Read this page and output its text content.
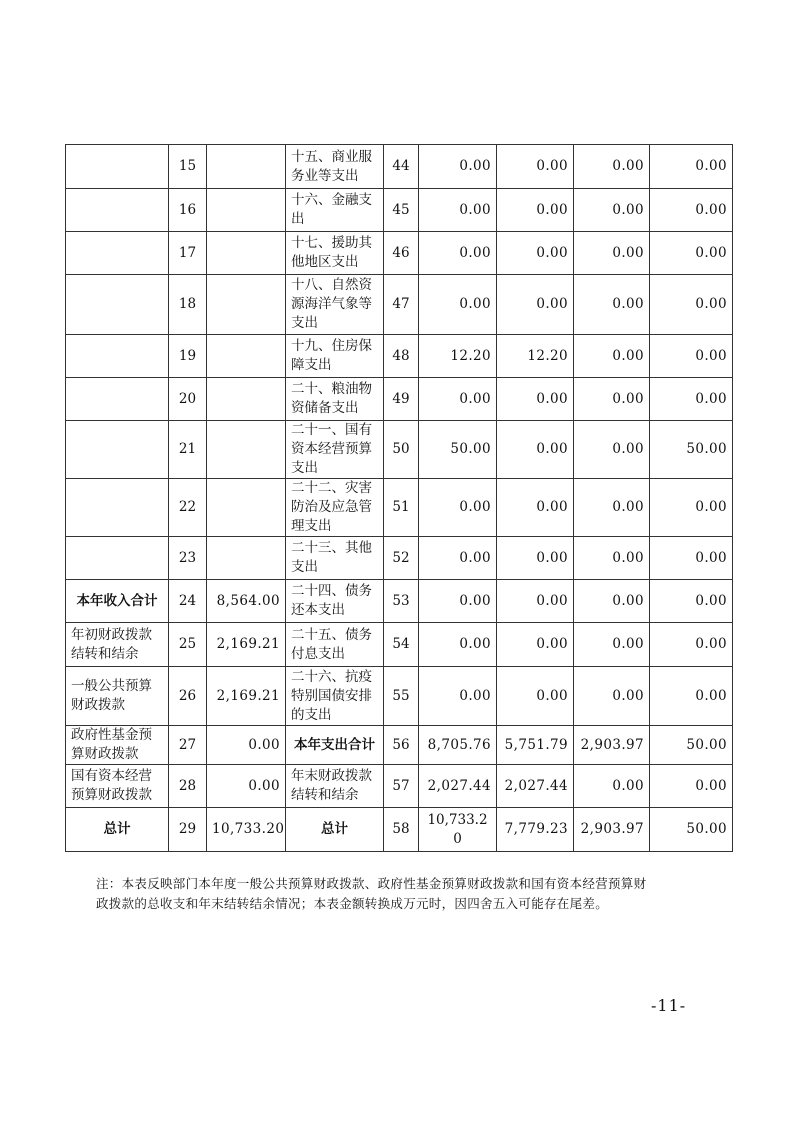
	15		十五、商业服务业等支出	44	0.00	0.00	0.00	0.00
	16		十六、金融支出	45	0.00	0.00	0.00	0.00
	17		十七、援助其他地区支出	46	0.00	0.00	0.00	0.00
	18		十八、自然资源海洋气象等支出	47	0.00	0.00	0.00	0.00
	19		十九、住房保障支出	48	12.20	12.20	0.00	0.00
	20		二十、粮油物资储备支出	49	0.00	0.00	0.00	0.00
	21		二十一、国有资本经营预算支出	50	50.00	0.00	0.00	50.00
	22		二十二、灾害防治及应急管理支出	51	0.00	0.00	0.00	0.00
	23		二十三、其他支出	52	0.00	0.00	0.00	0.00
本年收入合计	24	8,564.00	二十四、债务还本支出	53	0.00	0.00	0.00	0.00
年初财政拨款结转和结余	25	2,169.21	二十五、债务付息支出	54	0.00	0.00	0.00	0.00
一般公共预算财政拨款	26	2,169.21	二十六、抗疫特别国债安排的支出	55	0.00	0.00	0.00	0.00
政府性基金预算财政拨款	27	0.00	本年支出合计	56	8,705.76	5,751.79	2,903.97	50.00
国有资本经营预算财政拨款	28	0.00	年末财政拨款结转和结余	57	2,027.44	2,027.44	0.00	0.00
总计	29	10,733.20	总计	58	10,733.20	7,779.23	2,903.97	50.00

注：本表反映部门本年度一般公共预算财政拨款、政府性基金预算财政拨款和国有资本经营预算财

政拨款的总收支和年末结转结余情况；本表金额转换成万元时，因四舍五入可能存在尾差。

-11-
